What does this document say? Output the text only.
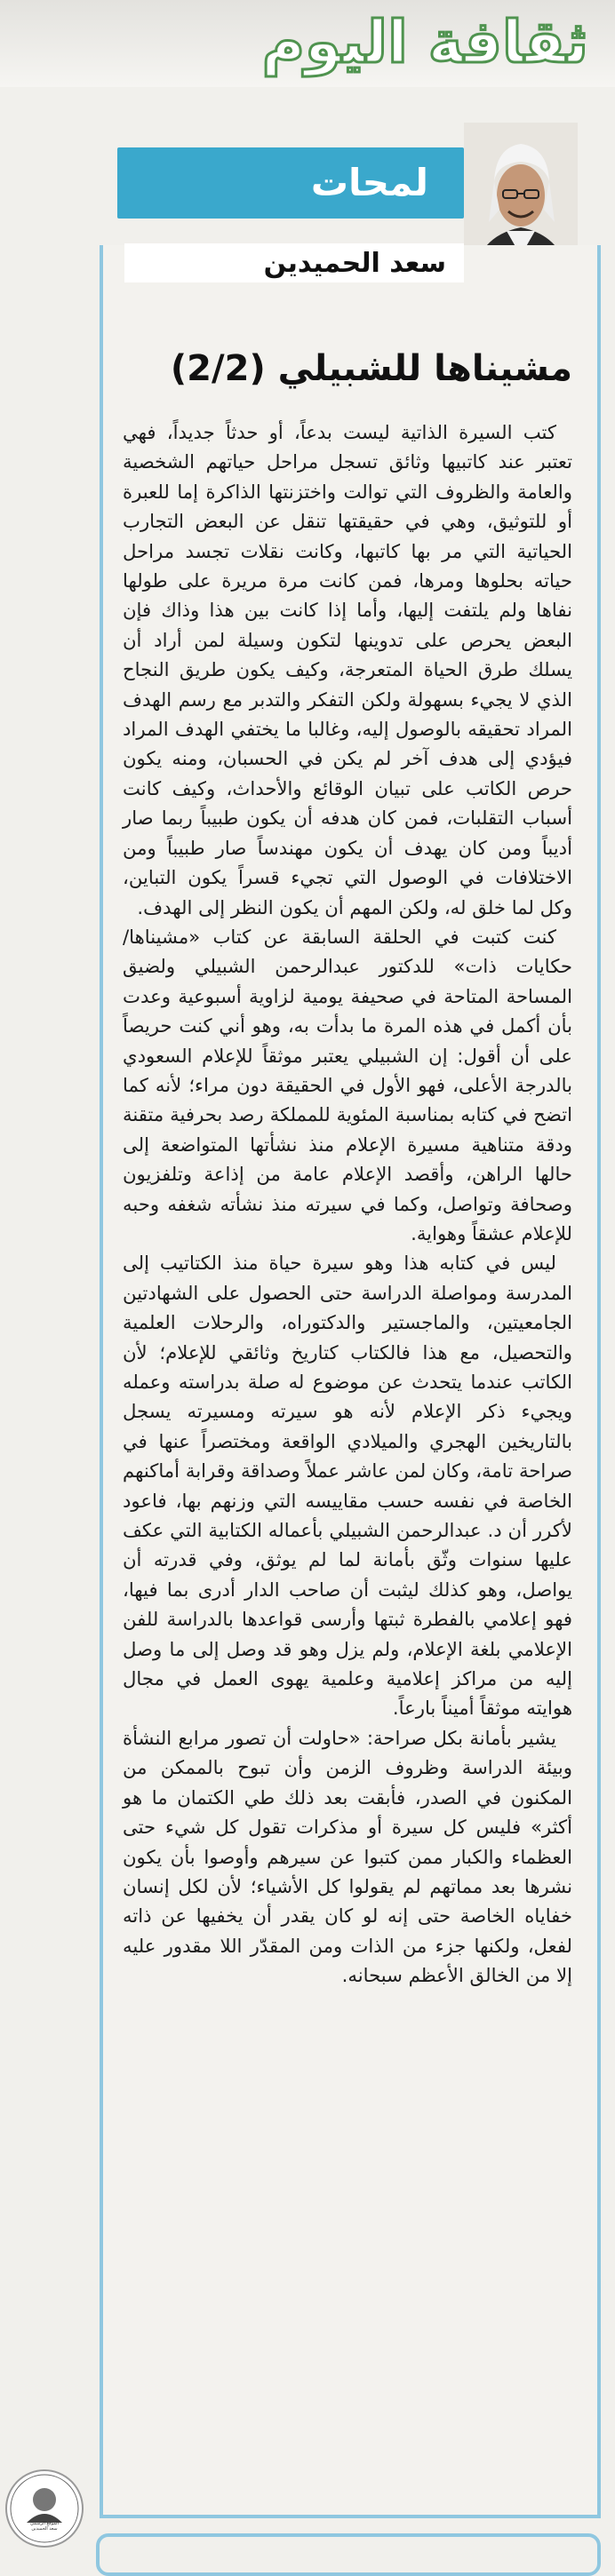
ثقافة اليوم
لمحات
سعد الحميدين
مشيناها للشبيلي (2/2)

كتب السيرة الذاتية ليست بدعاً، أو حدثاً جديداً، فهي تعتبر عند كاتبيها وثائق تسجل مراحل حياتهم الشخصية والعامة والظروف التي توالت واختزنتها الذاكرة إما للعبرة أو للتوثيق، وهي في حقيقتها تنقل عن البعض التجارب الحياتية التي مر بها كاتبها، وكانت نقلات تجسد مراحل حياته بحلوها ومرها، فمن كانت مرة مريرة على طولها نفاها ولم يلتفت إليها، وأما إذا كانت بين هذا وذاك فإن البعض يحرص على تدوينها لتكون وسيلة لمن أراد أن يسلك طرق الحياة المتعرجة، وكيف يكون طريق النجاح الذي لا يجيء بسهولة ولكن التفكر والتدبر مع رسم الهدف المراد تحقيقه بالوصول إليه، وغالبا ما يختفي الهدف المراد فيؤدي إلى هدف آخر لم يكن في الحسبان، ومنه يكون حرص الكاتب على تبيان الوقائع والأحداث، وكيف كانت أسباب التقلبات، فمن كان هدفه أن يكون طبيباً ربما صار أديباً ومن كان يهدف أن يكون مهندساً صار طبيباً ومن الاختلافات في الوصول التي تجيء قسراً يكون التباين، وكل لما خلق له، ولكن المهم أن يكون النظر إلى الهدف.

كنت كتبت في الحلقة السابقة عن كتاب «مشيناها/ حكايات ذات» للدكتور عبدالرحمن الشبيلي ولضيق المساحة المتاحة في صحيفة يومية لزاوية أسبوعية وعدت بأن أكمل في هذه المرة ما بدأت به، وهو أني كنت حريصاً على أن أقول: إن الشبيلي يعتبر موثقاً للإعلام السعودي بالدرجة الأعلى، فهو الأول في الحقيقة دون مراء؛ لأنه كما اتضح في كتابه بمناسبة المئوية للمملكة رصد بحرفية متقنة ودقة متناهية مسيرة الإعلام منذ نشأتها المتواضعة إلى حالها الراهن، وأقصد الإعلام عامة من إذاعة وتلفزيون وصحافة وتواصل، وكما في سيرته منذ نشأته شغفه وحبه للإعلام عشقاً وهواية.

ليس في كتابه هذا وهو سيرة حياة منذ الكتاتيب إلى المدرسة ومواصلة الدراسة حتى الحصول على الشهادتين الجامعيتين، والماجستير والدكتوراه، والرحلات العلمية والتحصيل، مع هذا فالكتاب كتاريخ وثائقي للإعلام؛ لأن الكاتب عندما يتحدث عن موضوع له صلة بدراسته وعمله ويجيء ذكر الإعلام لأنه هو سيرته ومسيرته يسجل بالتاريخين الهجري والميلادي الواقعة ومختصراً عنها في صراحة تامة، وكان لمن عاشر عملاً وصداقة وقرابة أماكنهم الخاصة في نفسه حسب مقاييسه التي وزنهم بها، فاعود لأكرر أن د. عبدالرحمن الشبيلي بأعماله الكتابية التي عكف عليها سنوات وثّق بأمانة لما لم يوثق، وفي قدرته أن يواصل، وهو كذلك ليثبت أن صاحب الدار أدرى بما فيها، فهو إعلامي بالفطرة ثبتها وأرسى قواعدها بالدراسة للفن الإعلامي بلغة الإعلام، ولم يزل وهو قد وصل إلى ما وصل إليه من مراكز إعلامية وعلمية يهوى العمل في مجال هوايته موثقاً أميناً بارعاً.

يشير بأمانة بكل صراحة: «حاولت أن تصور مرابع النشأة وبيئة الدراسة وظروف الزمن وأن تبوح بالممكن من المكنون في الصدر، فأبقت بعد ذلك طي الكتمان ما هو أكثر» فليس كل سيرة أو مذكرات تقول كل شيء حتى العظماء والكبار ممن كتبوا عن سيرهم وأوصوا بأن يكون نشرها بعد مماتهم لم يقولوا كل الأشياء؛ لأن لكل إنسان خفاياه الخاصة حتى إنه لو كان يقدر أن يخفيها عن ذاته لفعل، ولكنها جزء من الذات ومن المقدّر اللا مقدور عليه إلا من الخالق الأعظم سبحانه.

الموقع الرسمي
سعد الحميدين
